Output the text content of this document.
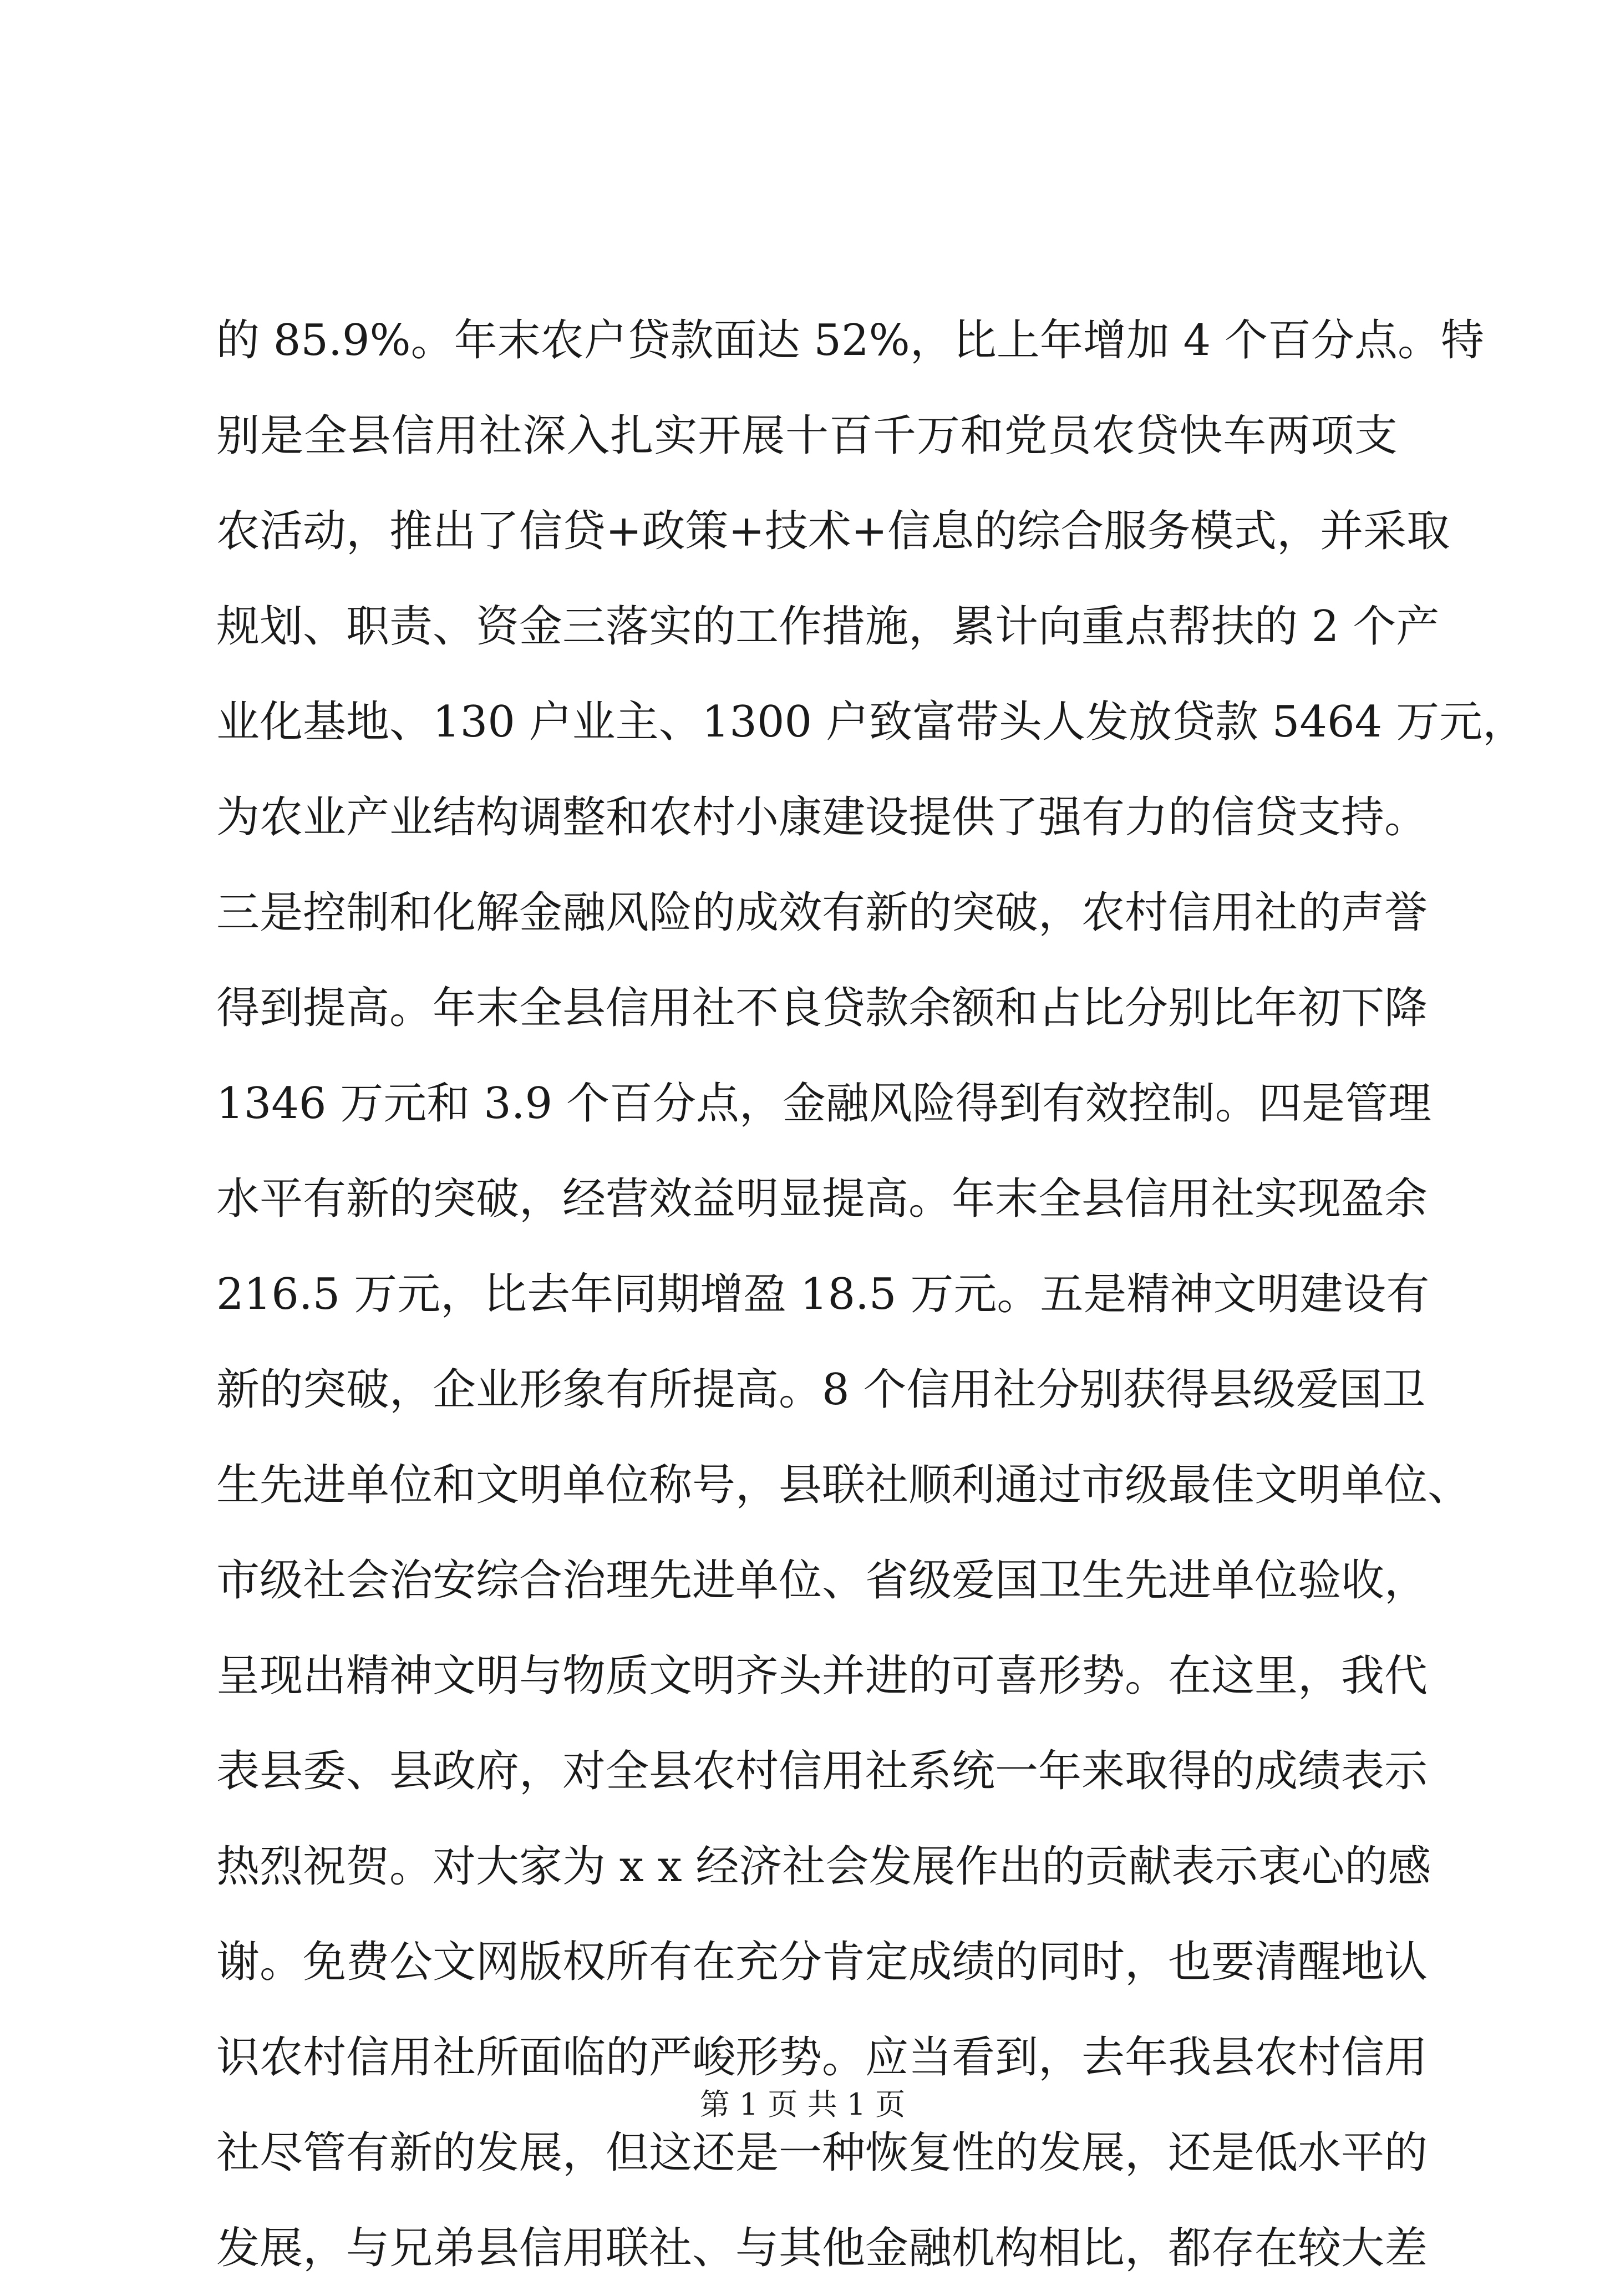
的 85.9%。年末农户贷款面达 52%，比上年增加 4 个百分点。特
别是全县信用社深入扎实开展十百千万和党员农贷快车两项支
农活动，推出了信贷+政策+技术+信息的综合服务模式，并采取
规划、职责、资金三落实的工作措施，累计向重点帮扶的 2 个产
业化基地、130 户业主、1300 户致富带头人发放贷款 5464 万元，
为农业产业结构调整和农村小康建设提供了强有力的信贷支持。
三是控制和化解金融风险的成效有新的突破，农村信用社的声誉
得到提高。年末全县信用社不良贷款余额和占比分别比年初下降
1346 万元和 3.9 个百分点，金融风险得到有效控制。四是管理
水平有新的突破，经营效益明显提高。年末全县信用社实现盈余
216.5 万元，比去年同期增盈 18.5 万元。五是精神文明建设有
新的突破，企业形象有所提高。8 个信用社分别获得县级爱国卫
生先进单位和文明单位称号，县联社顺利通过市级最佳文明单位、
市级社会治安综合治理先进单位、省级爱国卫生先进单位验收，
呈现出精神文明与物质文明齐头并进的可喜形势。在这里，我代
表县委、县政府，对全县农村信用社系统一年来取得的成绩表示
热烈祝贺。对大家为 x x 经济社会发展作出的贡献表示衷心的感
谢。免费公文网版权所有在充分肯定成绩的同时，也要清醒地认
识农村信用社所面临的严峻形势。应当看到，去年我县农村信用
社尽管有新的发展，但这还是一种恢复性的发展，还是低水平的
发展，与兄弟县信用联社、与其他金融机构相比，都存在较大差
第 1 页 共 1 页
